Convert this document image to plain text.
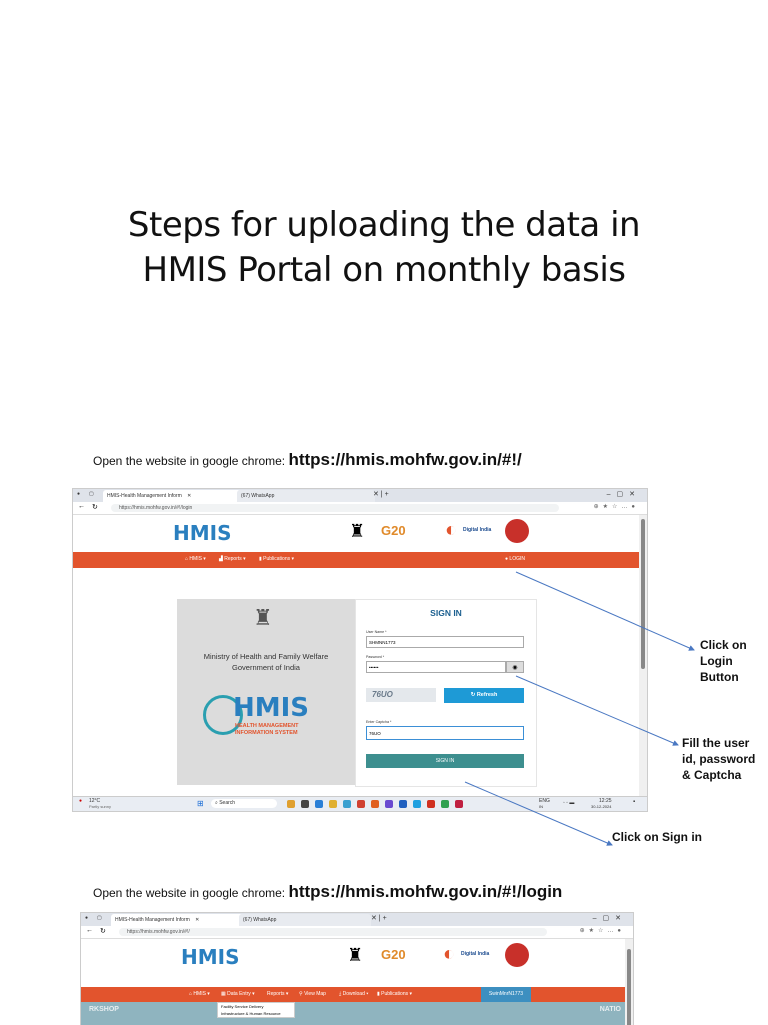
Steps for uploading the data in
HMIS Portal on monthly basis
Open the website in google chrome: https://hmis.mohfw.gov.in/#!/
● ▢	HMIS-Health Management Inform ✕	(67) WhatsApp	✕ | +	–▢✕
← ↻	https://hmis.mohfw.gov.in/#!/login	⊕★☆…●
HMIS	♜ G20 ◐ Digital India
⌂ HMIS ▾	▟ Reports ▾	▮ Publications ▾	● LOGIN
♜
Ministry of Health and Family Welfare
Government of India
HMIS
HEALTH MANAGEMENT
INFORMATION SYSTEM
SIGN IN
User Name *
SHMNN1773
Password *
••••••	◉
76UO	↻ Refresh
Enter Captcha *
76UO
SIGN IN
● 12°C
Partly sunny	⊞	⌕ Search	ENG
IN
◦ ◦ ▬	12:25
30-12-2024
▪
Click on
Login
Button
Fill the user
id, password
& Captcha
Click on Sign in
Open the website in google chrome: https://hmis.mohfw.gov.in/#!/login
● ▢	HMIS-Health Management Inform ✕	(67) WhatsApp	✕ | +	–▢✕
← ↻	https://hmis.mohfw.gov.in/#!/	⊕★☆…●
HMIS	♜ G20 ◐ Digital India
⌂ HMIS ▾ ▦ Data Entry ▾ Reports ▾ ⚲ View Map	⤓ Download ▾ ▮ Publications ▾	SwinMnrN1773
RKSHOP	NATIO
Facility Service Delivery
Infrastructure & Human Resource
